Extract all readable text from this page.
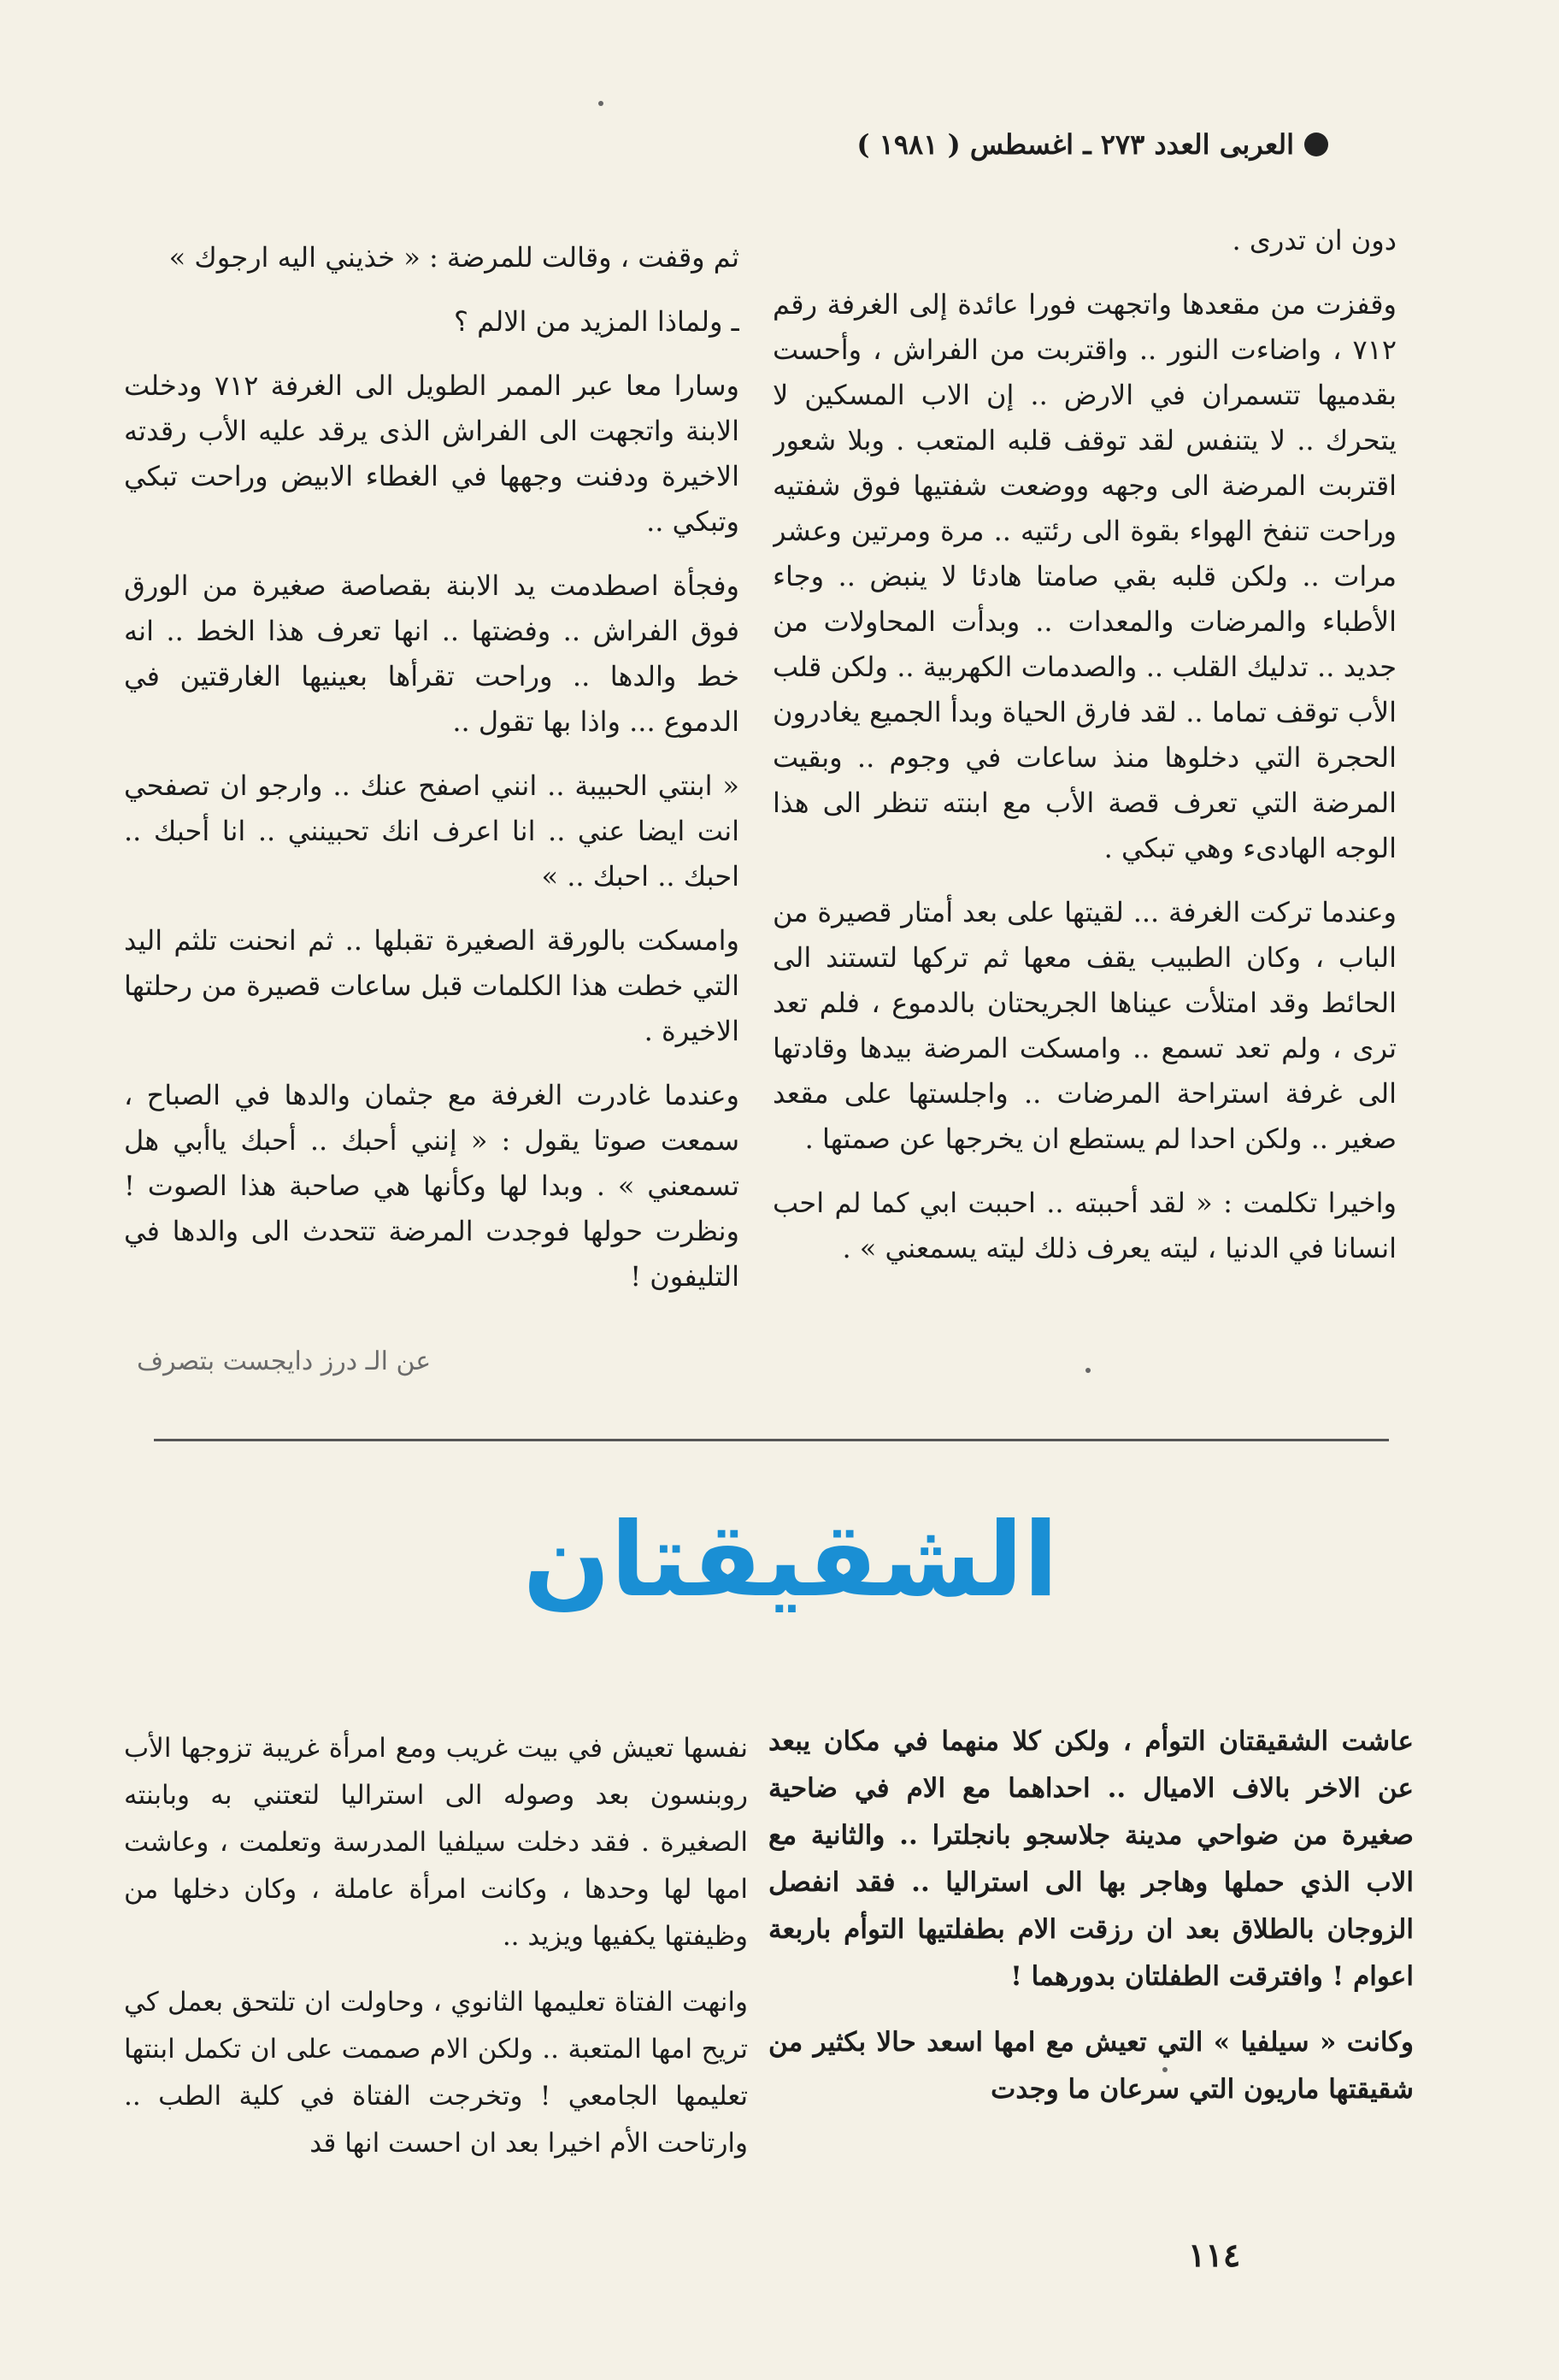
العربى العدد ٢٧٣ ـ اغسطس ( ١٩٨١ )

دون ان تدرى .

وقفزت من مقعدها واتجهت فورا عائدة إلى الغرفة رقم ٧١٢ ، واضاءت النور .. واقتربت من الفراش ، وأحست بقدميها تتسمران في الارض .. إن الاب المسكين لا يتحرك .. لا يتنفس لقد توقف قلبه المتعب . وبلا شعور اقتربت المرضة الى وجهه ووضعت شفتيها فوق شفتيه وراحت تنفخ الهواء بقوة الى رئتيه .. مرة ومرتين وعشر مرات .. ولكن قلبه بقي صامتا هادئا لا ينبض .. وجاء الأطباء والمرضات والمعدات .. وبدأت المحاولات من جديد .. تدليك القلب .. والصدمات الكهربية .. ولكن قلب الأب توقف تماما .. لقد فارق الحياة وبدأ الجميع يغادرون الحجرة التي دخلوها منذ ساعات في وجوم .. وبقيت المرضة التي تعرف قصة الأب مع ابنته تنظر الى هذا الوجه الهادىء وهي تبكي .

وعندما تركت الغرفة ... لقيتها على بعد أمتار قصيرة من الباب ، وكان الطبيب يقف معها ثم تركها لتستند الى الحائط وقد امتلأت عيناها الجريحتان بالدموع ، فلم تعد ترى ، ولم تعد تسمع .. وامسكت المرضة بيدها وقادتها الى غرفة استراحة المرضات .. واجلستها على مقعد صغير .. ولكن احدا لم يستطع ان يخرجها عن صمتها .

واخيرا تكلمت : « لقد أحببته .. احببت ابي كما لم احب انسانا في الدنيا ، ليته يعرف ذلك ليته يسمعني » .

ثم وقفت ، وقالت للمرضة : « خذيني اليه ارجوك »

ـ ولماذا المزيد من الالم ؟

وسارا معا عبر الممر الطويل الى الغرفة ٧١٢ ودخلت الابنة واتجهت الى الفراش الذى يرقد عليه الأب رقدته الاخيرة ودفنت وجهها في الغطاء الابيض وراحت تبكي وتبكي ..

وفجأة اصطدمت يد الابنة بقصاصة صغيرة من الورق فوق الفراش .. وفضتها .. انها تعرف هذا الخط .. انه خط والدها .. وراحت تقرأها بعينيها الغارقتين في الدموع ... واذا بها تقول ..

« ابنتي الحبيبة .. انني اصفح عنك .. وارجو ان تصفحي انت ايضا عني .. انا اعرف انك تحبينني .. انا أحبك .. احبك .. احبك .. »

وامسكت بالورقة الصغيرة تقبلها .. ثم انحنت تلثم اليد التي خطت هذا الكلمات قبل ساعات قصيرة من رحلتها الاخيرة .

وعندما غادرت الغرفة مع جثمان والدها في الصباح ، سمعت صوتا يقول : « إنني أحبك .. أحبك ياأبي هل تسمعني » . وبدا لها وكأنها هي صاحبة هذا الصوت ! ونظرت حولها فوجدت المرضة تتحدث الى والدها في التليفون !

عن الـ درز دايجست بتصرف
الشقيقتان

عاشت الشقيقتان التوأم ، ولكن كلا منهما في مكان يبعد عن الاخر بالاف الاميال .. احداهما مع الام في ضاحية صغيرة من ضواحي مدينة جلاسجو بانجلترا .. والثانية مع الاب الذي حملها وهاجر بها الى استراليا .. فقد انفصل الزوجان بالطلاق بعد ان رزقت الام بطفلتيها التوأم باربعة اعوام ! وافترقت الطفلتان بدورهما !

وكانت « سيلفيا » التي تعيش مع امها اسعد حالا بكثير من شقيقتها ماريون التي سرعان ما وجدت

نفسها تعيش في بيت غريب ومع امرأة غريبة تزوجها الأب روبنسون بعد وصوله الى استراليا لتعتني به وبابنته الصغيرة . فقد دخلت سيلفيا المدرسة وتعلمت ، وعاشت امها لها وحدها ، وكانت امرأة عاملة ، وكان دخلها من وظيفتها يكفيها ويزيد ..

وانهت الفتاة تعليمها الثانوي ، وحاولت ان تلتحق بعمل كي تريح امها المتعبة .. ولكن الام صممت على ان تكمل ابنتها تعليمها الجامعي ! وتخرجت الفتاة في كلية الطب .. وارتاحت الأم اخيرا بعد ان احست انها قد

١١٤
